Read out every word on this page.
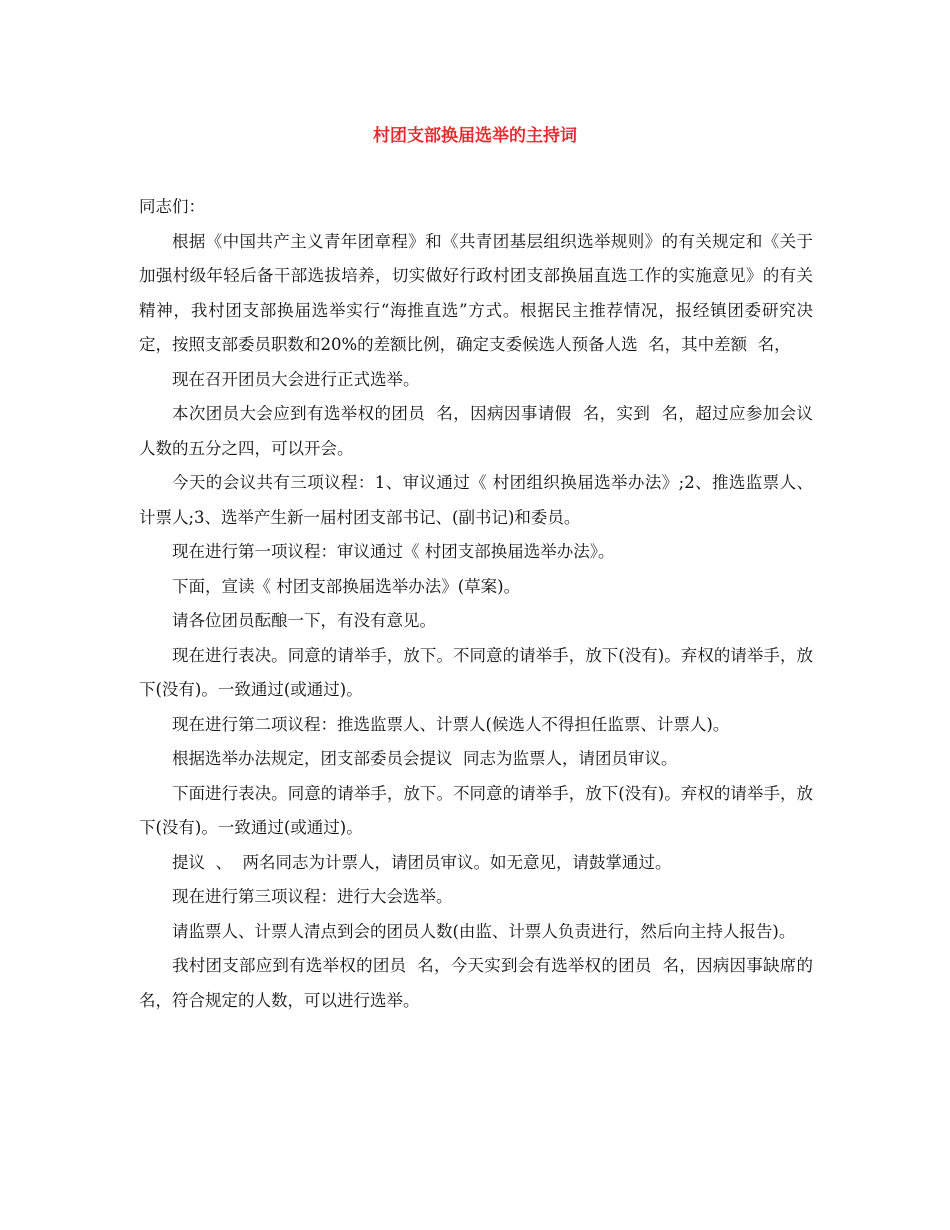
村团支部换届选举的主持词

同志们：

根据《中国共产主义青年团章程》和《共青团基层组织选举规则》的有关规定和《关于加强村级年轻后备干部选拔培养，切实做好行政村团支部换届直选工作的实施意见》的有关精神，我村团支部换届选举实行“海推直选”方式。根据民主推荐情况，报经镇团委研究决定，按照支部委员职数和20%的差额比例，确定支委候选人预备人选  名，其中差额  名，

现在召开团员大会进行正式选举。

本次团员大会应到有选举权的团员  名，因病因事请假  名，实到  名，超过应参加会议人数的五分之四，可以开会。

今天的会议共有三项议程：1、审议通过《 村团组织换届选举办法》;2、推选监票人、计票人;3、选举产生新一届村团支部书记、(副书记)和委员。

现在进行第一项议程：审议通过《 村团支部换届选举办法》。

下面，宣读《 村团支部换届选举办法》(草案)。

请各位团员酝酿一下，有没有意见。

现在进行表决。同意的请举手，放下。不同意的请举手，放下(没有)。弃权的请举手，放下(没有)。一致通过(或通过)。

现在进行第二项议程：推选监票人、计票人(候选人不得担任监票、计票人)。

根据选举办法规定，团支部委员会提议  同志为监票人，请团员审议。

下面进行表决。同意的请举手，放下。不同意的请举手，放下(没有)。弃权的请举手，放下(没有)。一致通过(或通过)。

提议  、  两名同志为计票人，请团员审议。如无意见，请鼓掌通过。

现在进行第三项议程：进行大会选举。

请监票人、计票人清点到会的团员人数(由监、计票人负责进行，然后向主持人报告)。

我村团支部应到有选举权的团员  名，今天实到会有选举权的团员  名，因病因事缺席的  名，符合规定的人数，可以进行选举。
